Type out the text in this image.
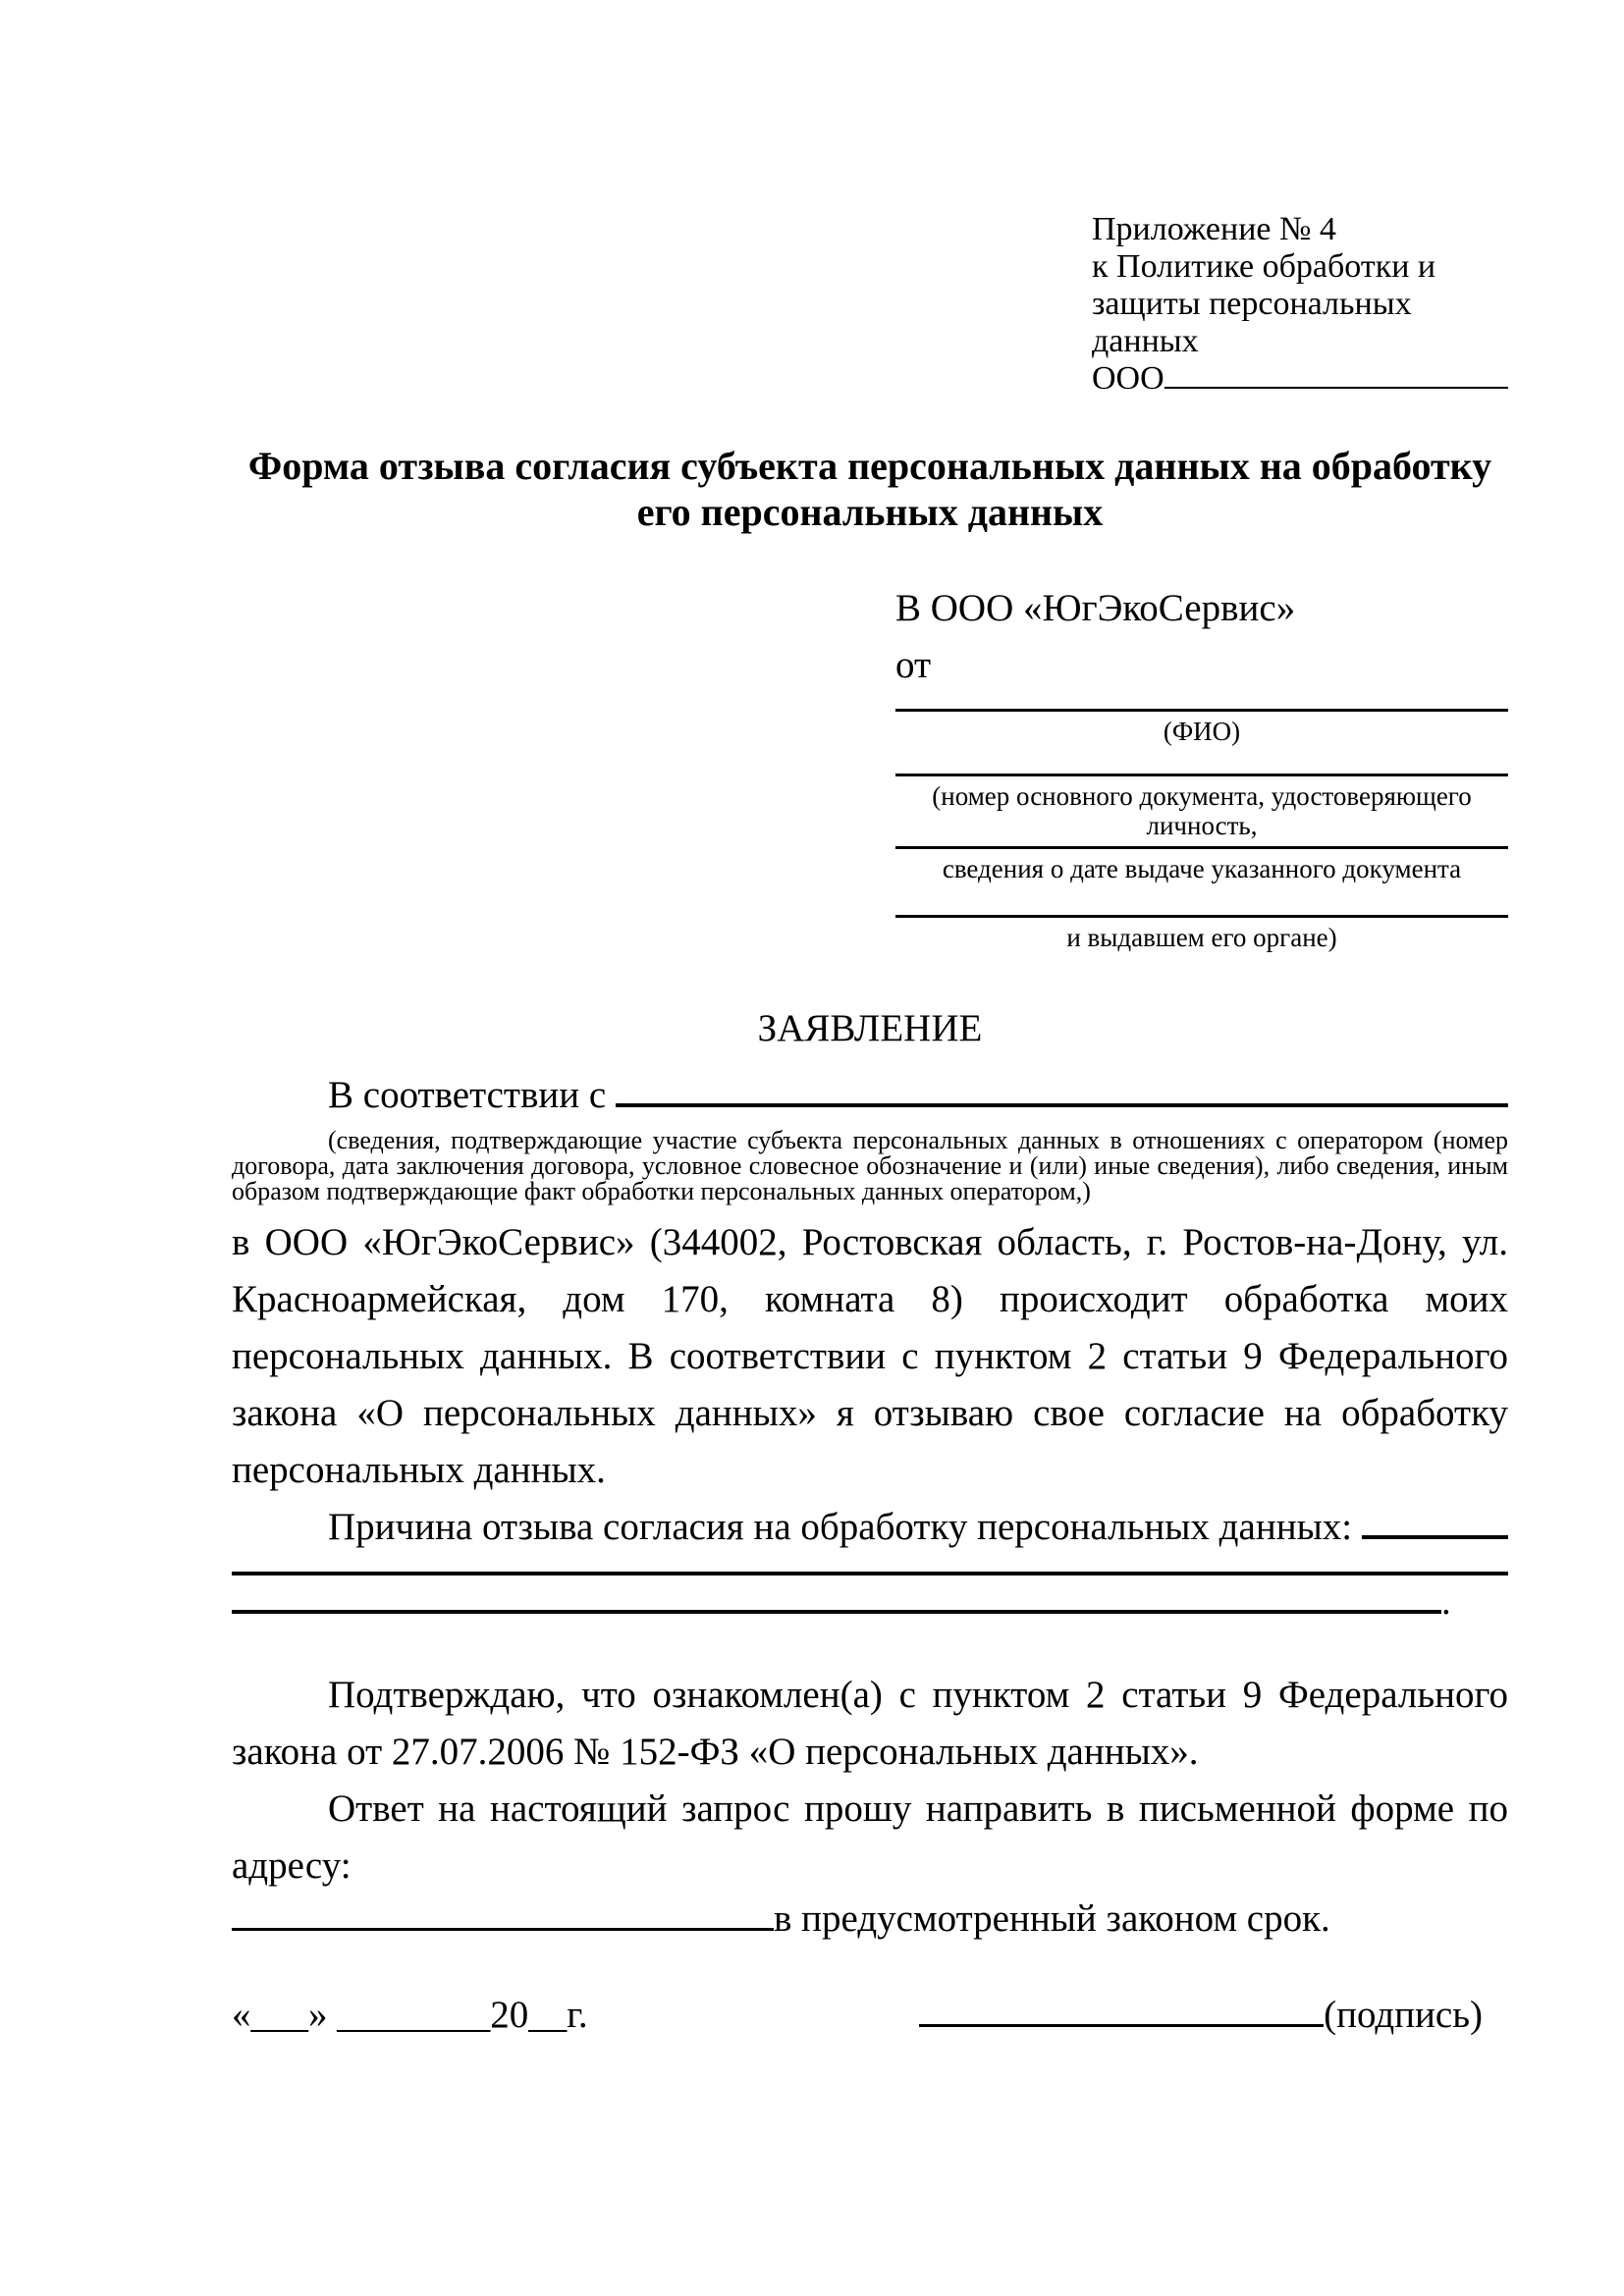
Приложение № 4
к Политике обработки и
защиты персональных данных
ООО
Форма отзыва согласия субъекта персональных данных на обработку его персональных данных
В ООО «ЮгЭкоСервис»
от
(ФИО)
(номер основного документа, удостоверяющего личность,
сведения о дате выдаче указанного документа
и выдавшем его органе)
ЗАЯВЛЕНИЕ
В соответствии с
(сведения, подтверждающие участие субъекта персональных данных в отношениях с оператором (номер договора, дата заключения договора, условное словесное обозначение и (или) иные сведения), либо сведения, иным образом подтверждающие факт обработки персональных данных оператором,)
в ООО «ЮгЭкоСервис» (344002, Ростовская область, г. Ростов-на-Дону, ул. Красноармейская, дом 170, комната 8) происходит обработка моих персональных данных. В соответствии с пунктом 2 статьи 9 Федерального закона «О персональных данных» я отзываю свое согласие на обработку персональных данных.
Причина отзыва согласия на обработку персональных данных:
.
Подтверждаю, что ознакомлен(а) с пунктом 2 статьи 9 Федерального закона от 27.07.2006 № 152-ФЗ «О персональных данных».
Ответ на настоящий запрос прошу направить в письменной форме по адресу:
в предусмотренный законом срок.
«___» ________20__г.	(подпись)
